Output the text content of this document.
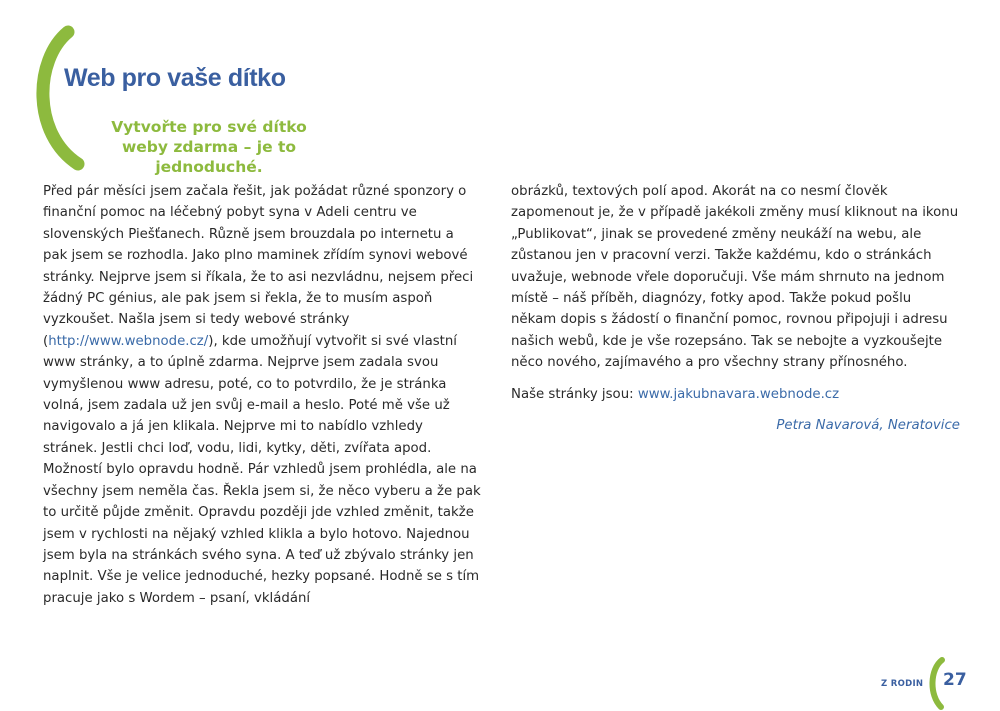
Web pro vaše dítko
Vytvořte pro své dítko weby zdarma – je to jednoduché.

Před pár měsíci jsem začala řešit, jak požádat různé sponzory o finanční pomoc na léčebný pobyt syna v Adeli centru ve slovenských Piešťanech. Různě jsem brouzdala po internetu a pak jsem se rozhodla. Jako plno maminek zřídím synovi webové stránky. Nejprve jsem si říkala, že to asi nezvládnu, nejsem přeci žádný PC génius, ale pak jsem si řekla, že to musím aspoň vyzkoušet. Našla jsem si tedy webové stránky (http://www.webnode.cz/), kde umožňují vytvořit si své vlastní www stránky, a to úplně zdarma. Nejprve jsem zadala svou vymyšlenou www adresu, poté, co to potvrdilo, že je stránka volná, jsem zadala už jen svůj e-mail a heslo. Poté mě vše už navigovalo a já jen klikala. Nejprve mi to nabídlo vzhledy stránek. Jestli chci loď, vodu, lidi, kytky, děti, zvířata apod. Možností bylo opravdu hodně. Pár vzhledů jsem prohlédla, ale na všechny jsem neměla čas. Řekla jsem si, že něco vyberu a že pak to určitě půjde změnit. Opravdu později jde vzhled změnit, takže jsem v rychlosti na nějaký vzhled klikla a bylo hotovo. Najednou jsem byla na stránkách svého syna. A teď už zbývalo stránky jen naplnit. Vše je velice jednoduché, hezky popsané. Hodně se s tím pracuje jako s Wordem – psaní, vkládání

obrázků, textových polí apod. Akorát na co nesmí člověk zapomenout je, že v případě jakékoli změny musí kliknout na ikonu „Publikovat“, jinak se provedené změny neukáží na webu, ale zůstanou jen v pracovní verzi. Takže každému, kdo o stránkách uvažuje, webnode vřele doporučuji. Vše mám shrnuto na jednom místě – náš příběh, diagnózy, fotky apod. Takže pokud pošlu někam dopis s žádostí o finanční pomoc, rovnou připojuji i adresu našich webů, kde je vše rozepsáno. Tak se nebojte a vyzkoušejte něco nového, zajímavého a pro všechny strany přínosného.

Naše stránky jsou: www.jakubnavara.webnode.cz

Petra Navarová, Neratovice

Z RODIN 27
